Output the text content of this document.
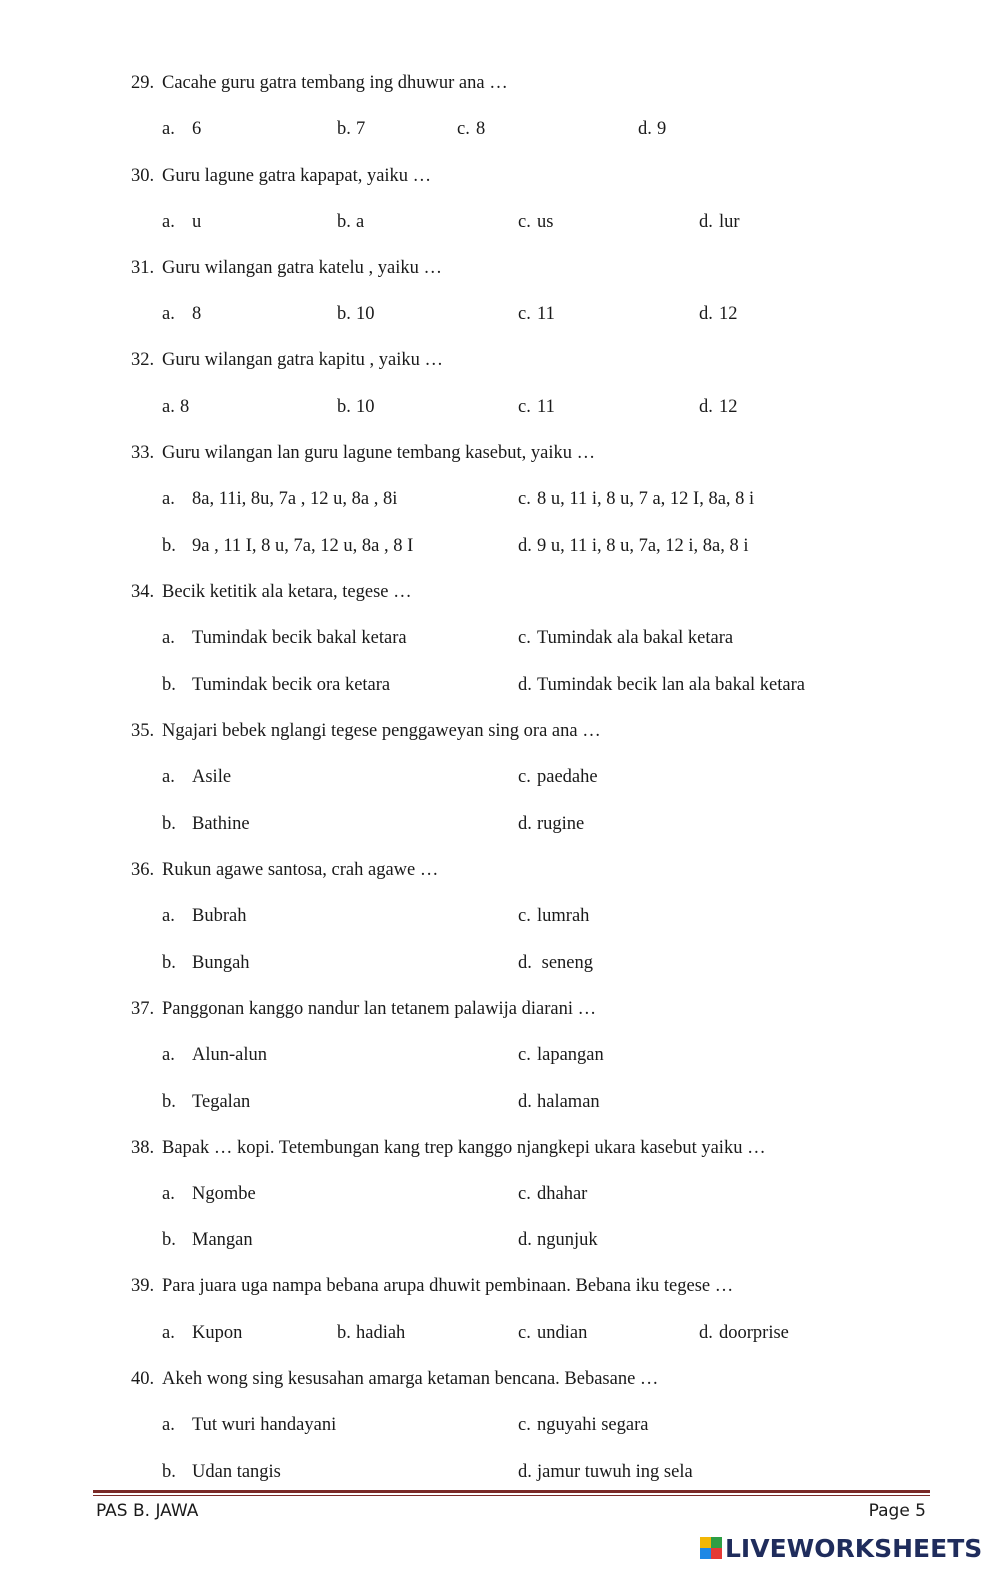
29. Cacahe guru gatra tembang ing dhuwur ana …
a. 6	b. 7	c. 8	d. 9
30. Guru lagune gatra kapapat, yaiku …
a. u	b. a	c. us	d. lur
31. Guru wilangan gatra katelu , yaiku …
a. 8	b. 10	c. 11	d. 12
32. Guru wilangan gatra kapitu , yaiku …
a. 8	b. 10	c. 11	d. 12
33. Guru wilangan lan guru lagune tembang kasebut, yaiku …
a. 8a, 11i, 8u, 7a , 12 u, 8a , 8i	c. 8 u, 11 i, 8 u, 7 a, 12 I, 8a, 8 i
b. 9a , 11 I, 8 u, 7a, 12 u, 8a , 8 I	d. 9 u, 11 i, 8 u, 7a, 12 i, 8a, 8 i
34. Becik ketitik ala ketara, tegese …
a. Tumindak becik bakal ketara	c. Tumindak ala bakal ketara
b. Tumindak becik ora ketara	d. Tumindak becik lan ala bakal ketara
35. Ngajari bebek nglangi tegese penggaweyan sing ora ana …
a. Asile	c. paedahe
b. Bathine	d. rugine
36. Rukun agawe santosa, crah agawe …
a. Bubrah	c. lumrah
b. Bungah	d. seneng
37. Panggonan kanggo nandur lan tetanem palawija diarani …
a. Alun-alun	c. lapangan
b. Tegalan	d. halaman
38. Bapak … kopi. Tetembungan kang trep kanggo njangkepi ukara kasebut yaiku …
a. Ngombe	c. dhahar
b. Mangan	d. ngunjuk
39. Para juara uga nampa bebana arupa dhuwit pembinaan. Bebana iku tegese …
a. Kupon	b. hadiah	c. undian	d. doorprise
40. Akeh wong sing kesusahan amarga ketaman bencana. Bebasane …
a. Tut wuri handayani	c. nguyahi segara
b. Udan tangis	d. jamur tuwuh ing sela
PAS B. JAWA	Page 5
LIVEWORKSHEETS
